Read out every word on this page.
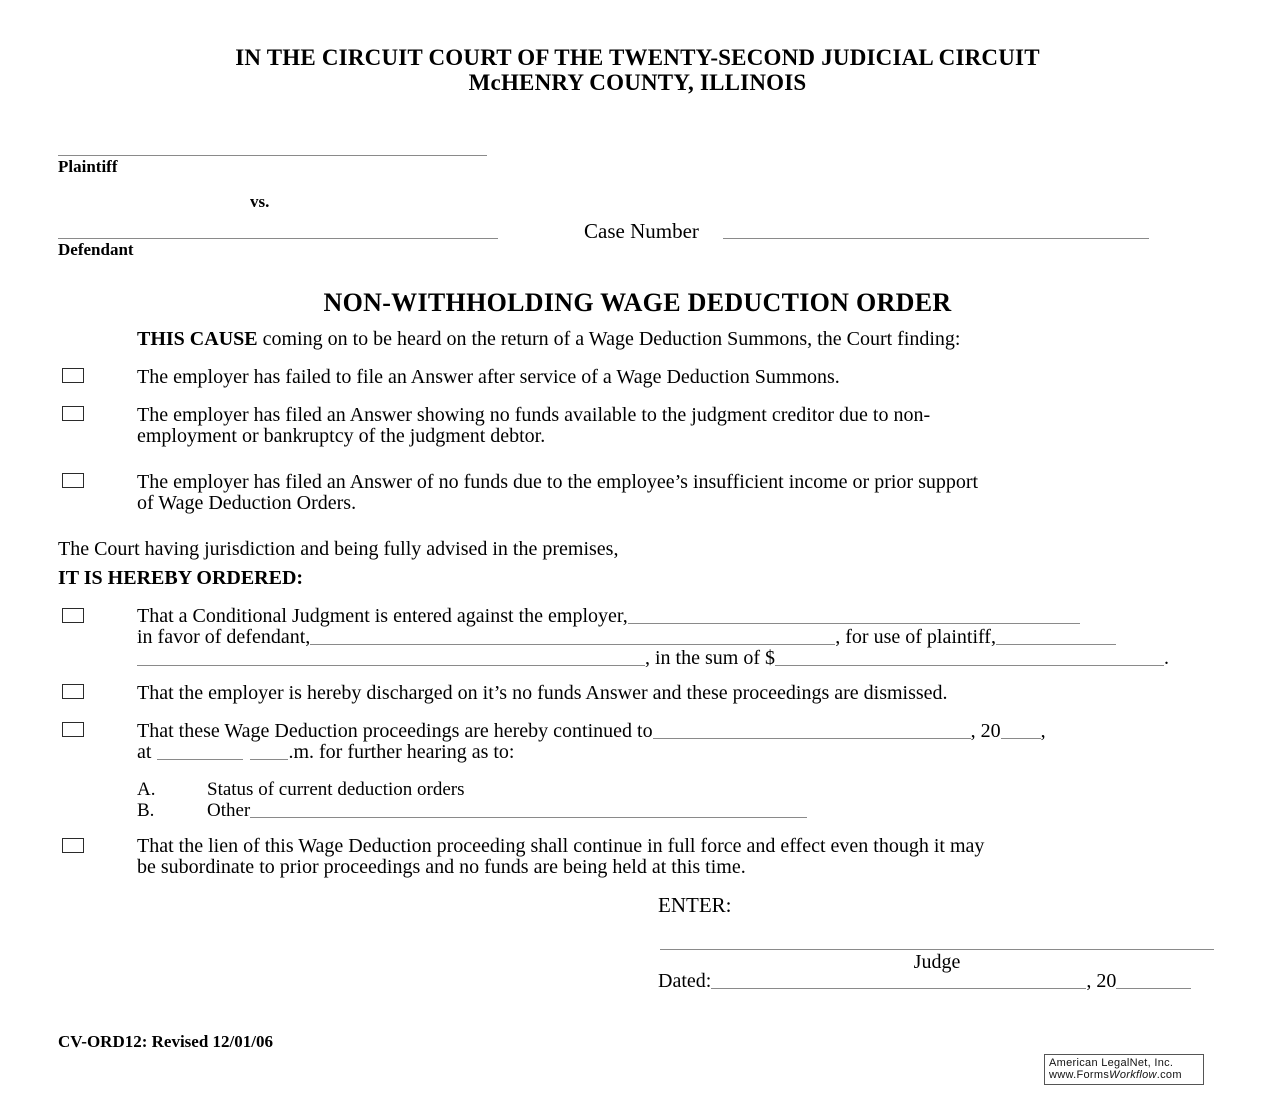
IN THE CIRCUIT COURT OF THE TWENTY-SECOND JUDICIAL CIRCUIT
McHENRY COUNTY, ILLINOIS
Plaintiff
vs.
Defendant
Case Number
NON-WITHHOLDING WAGE DEDUCTION ORDER
THIS CAUSE coming on to be heard on the return of a Wage Deduction Summons, the Court finding:
The employer has failed to file an Answer after service of a Wage Deduction Summons.
The employer has filed an Answer showing no funds available to the judgment creditor due to non-
employment or bankruptcy of the judgment debtor.
The employer has filed an Answer of no funds due to the employee’s insufficient income or prior support
of Wage Deduction Orders.
The Court having jurisdiction and being fully advised in the premises,
IT IS HEREBY ORDERED:
That a Conditional Judgment is entered against the employer,
in favor of defendant,	, for use of plaintiff,
, in the sum of $	.
That the employer is hereby discharged on it’s no funds Answer and these proceedings are dismissed.
That these Wage Deduction proceedings are hereby continued to	, 20 ,
at	.m. for further hearing as to:
A.	Status of current deduction orders
B.	Other
That the lien of this Wage Deduction proceeding shall continue in full force and effect even though it may
be subordinate to prior proceedings and no funds are being held at this time.
ENTER:
Judge
Dated:	, 20
CV-ORD12: Revised 12/01/06
American LegalNet, Inc.
www.FormsWorkflow.com
